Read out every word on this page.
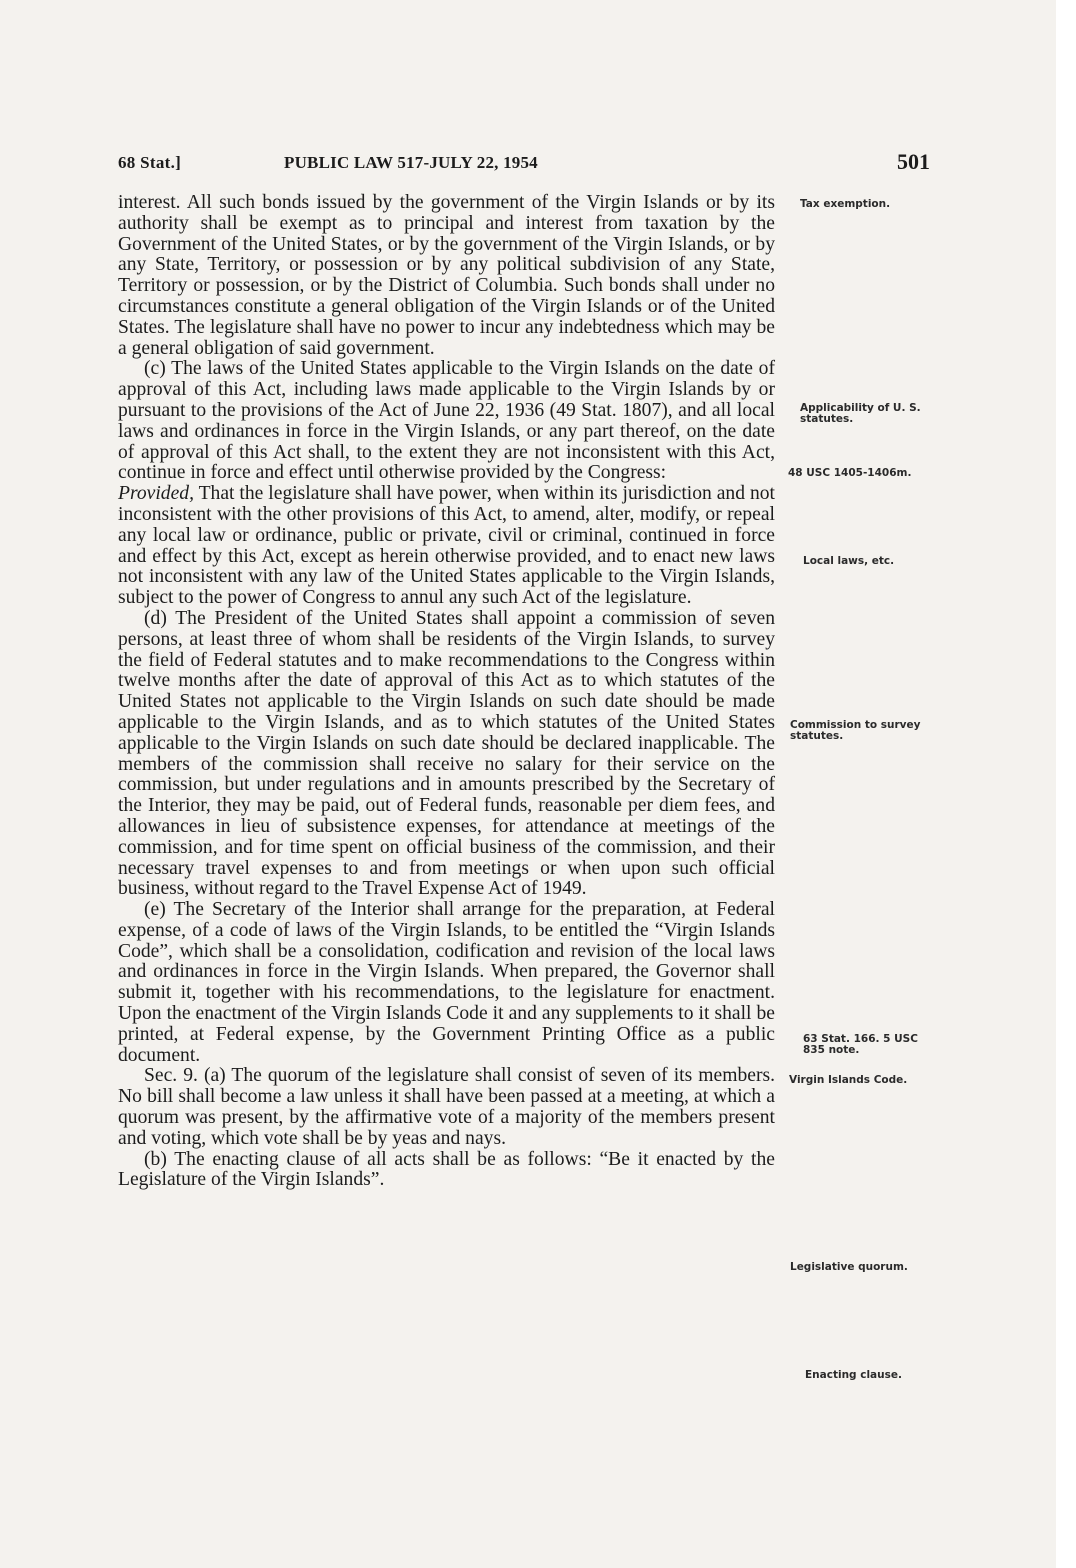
68 Stat.]	PUBLIC LAW 517-JULY 22, 1954	501

interest. All such bonds issued by the government of the Virgin Islands or by its authority shall be exempt as to principal and interest from taxation by the Government of the United States, or by the government of the Virgin Islands, or by any State, Territory, or possession or by any political subdivision of any State, Territory or possession, or by the District of Columbia. Such bonds shall under no circumstances constitute a general obligation of the Virgin Islands or of the United States. The legislature shall have no power to incur any indebtedness which may be a general obligation of said government.

(c) The laws of the United States applicable to the Virgin Islands on the date of approval of this Act, including laws made applicable to the Virgin Islands by or pursuant to the provisions of the Act of June 22, 1936 (49 Stat. 1807), and all local laws and ordinances in force in the Virgin Islands, or any part thereof, on the date of approval of this Act shall, to the extent they are not inconsistent with this Act, continue in force and effect until otherwise provided by the Congress:

Provided, That the legislature shall have power, when within its jurisdiction and not inconsistent with the other provisions of this Act, to amend, alter, modify, or repeal any local law or ordinance, public or private, civil or criminal, continued in force and effect by this Act, except as herein otherwise provided, and to enact new laws not inconsistent with any law of the United States applicable to the Virgin Islands, subject to the power of Congress to annul any such Act of the legislature.

(d) The President of the United States shall appoint a commission of seven persons, at least three of whom shall be residents of the Virgin Islands, to survey the field of Federal statutes and to make recommendations to the Congress within twelve months after the date of approval of this Act as to which statutes of the United States not applicable to the Virgin Islands on such date should be made applicable to the Virgin Islands, and as to which statutes of the United States applicable to the Virgin Islands on such date should be declared inapplicable. The members of the commission shall receive no salary for their service on the commission, but under regulations and in amounts prescribed by the Secretary of the Interior, they may be paid, out of Federal funds, reasonable per diem fees, and allowances in lieu of subsistence expenses, for attendance at meetings of the commission, and for time spent on official business of the commission, and their necessary travel expenses to and from meetings or when upon such official business, without regard to the Travel Expense Act of 1949.

(e) The Secretary of the Interior shall arrange for the preparation, at Federal expense, of a code of laws of the Virgin Islands, to be entitled the “Virgin Islands Code”, which shall be a consolidation, codification and revision of the local laws and ordinances in force in the Virgin Islands. When prepared, the Governor shall submit it, together with his recommendations, to the legislature for enactment. Upon the enactment of the Virgin Islands Code it and any supplements to it shall be printed, at Federal expense, by the Government Printing Office as a public document.

Sec. 9. (a) The quorum of the legislature shall consist of seven of its members. No bill shall become a law unless it shall have been passed at a meeting, at which a quorum was present, by the affirmative vote of a majority of the members present and voting, which vote shall be by yeas and nays.

(b) The enacting clause of all acts shall be as follows: “Be it enacted by the Legislature of the Virgin Islands”.

Tax exemption.
Applicability of U. S. statutes.
48 USC 1405-1406m.
Local laws, etc.
Commission to survey statutes.
63 Stat. 166. 5 USC 835 note.
Virgin Islands Code.
Legislative quorum.
Enacting clause.
